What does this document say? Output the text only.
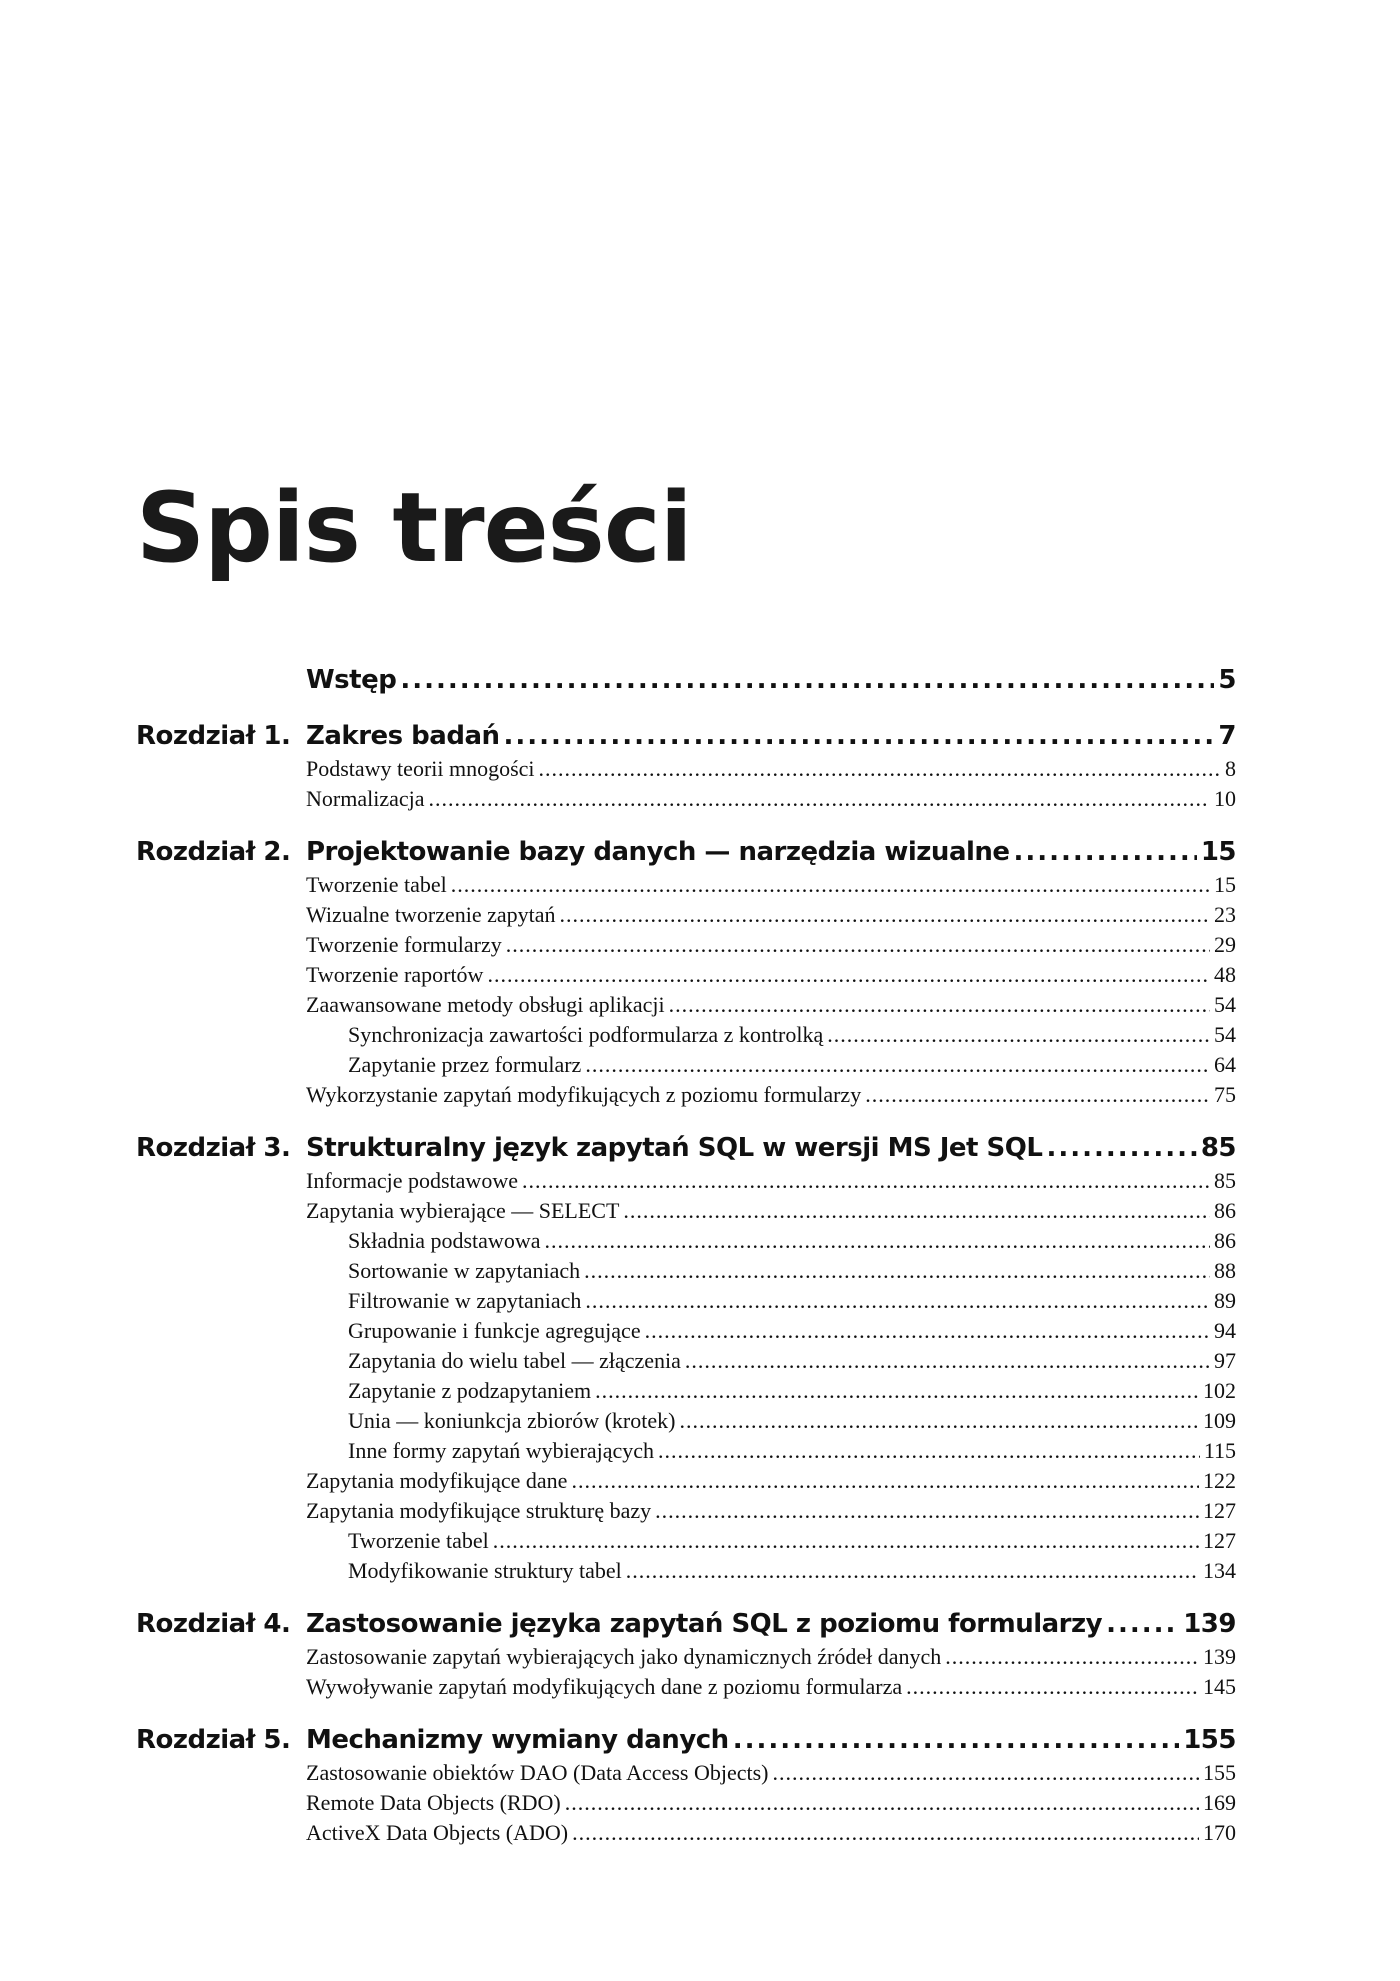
Spis treści
Wstęp .....	5
Rozdział 1. Zakres badań .....	7
Podstawy teorii mnogości .....	8
Normalizacja .....	10
Rozdział 2. Projektowanie bazy danych — narzędzia wizualne .....	15
Tworzenie tabel .....	15
Wizualne tworzenie zapytań .....	23
Tworzenie formularzy .....	29
Tworzenie raportów .....	48
Zaawansowane metody obsługi aplikacji .....	54
Synchronizacja zawartości podformularza z kontrolką .....	54
Zapytanie przez formularz .....	64
Wykorzystanie zapytań modyfikujących z poziomu formularzy .....	75
Rozdział 3. Strukturalny język zapytań SQL w wersji MS Jet SQL .....	85
Informacje podstawowe .....	85
Zapytania wybierające — SELECT .....	86
Składnia podstawowa .....	86
Sortowanie w zapytaniach .....	88
Filtrowanie w zapytaniach .....	89
Grupowanie i funkcje agregujące .....	94
Zapytania do wielu tabel — złączenia .....	97
Zapytanie z podzapytaniem .....	102
Unia — koniunkcja zbiorów (krotek) .....	109
Inne formy zapytań wybierających .....	115
Zapytania modyfikujące dane .....	122
Zapytania modyfikujące strukturę bazy .....	127
Tworzenie tabel .....	127
Modyfikowanie struktury tabel .....	134
Rozdział 4. Zastosowanie języka zapytań SQL z poziomu formularzy .....	139
Zastosowanie zapytań wybierających jako dynamicznych źródeł danych .....	139
Wywoływanie zapytań modyfikujących dane z poziomu formularza .....	145
Rozdział 5. Mechanizmy wymiany danych .....	155
Zastosowanie obiektów DAO (Data Access Objects) .....	155
Remote Data Objects (RDO) .....	169
ActiveX Data Objects (ADO) .....	170
